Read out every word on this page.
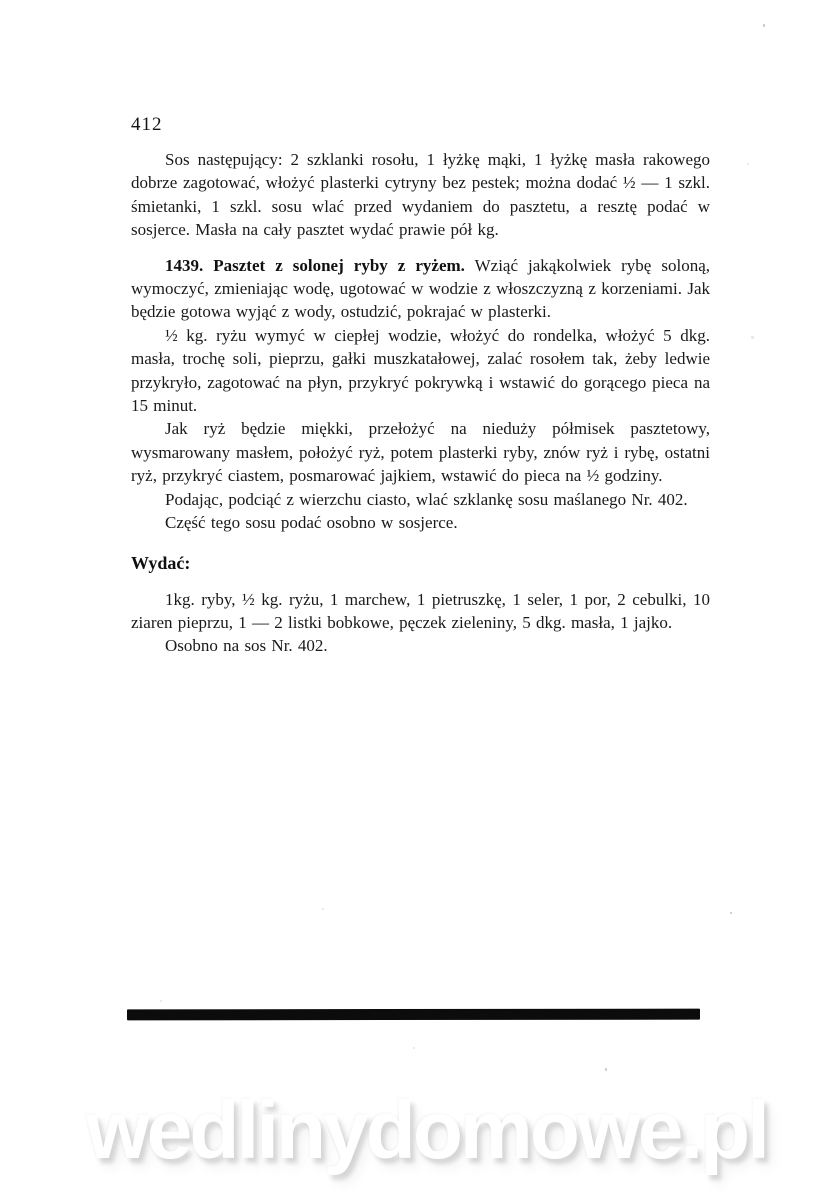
412

Sos następujący: 2 szklanki rosołu, 1 łyżkę mąki, 1 łyżkę masła rakowego dobrze zagotować, włożyć plasterki cytryny bez pestek; można dodać ½ — 1 szkl. śmietanki, 1 szkl. sosu wlać przed wydaniem do pasztetu, a resztę podać w sosjerce. Masła na cały pasztet wydać prawie pół kg.

1439. Pasztet z solonej ryby z ryżem. Wziąć jakąkolwiek rybę soloną, wymoczyć, zmieniając wodę, ugotować w wodzie z włoszczyzną z korzeniami. Jak będzie gotowa wyjąć z wody, ostudzić, pokrajać w plasterki.

½ kg. ryżu wymyć w ciepłej wodzie, włożyć do rondelka, włożyć 5 dkg. masła, trochę soli, pieprzu, gałki muszkatałowej, zalać rosołem tak, żeby ledwie przykryło, zagotować na płyn, przykryć pokrywką i wstawić do gorącego pieca na 15 minut.

Jak ryż będzie miękki, przełożyć na nieduży półmisek pasztetowy, wysmarowany masłem, położyć ryż, potem plasterki ryby, znów ryż i rybę, ostatni ryż, przykryć ciastem, posmarować jajkiem, wstawić do pieca na ½ godziny.

Podając, podciąć z wierzchu ciasto, wlać szklankę sosu maślanego Nr. 402.

Część tego sosu podać osobno w sosjerce.

Wydać:

1kg. ryby, ½ kg. ryżu, 1 marchew, 1 pietruszkę, 1 seler, 1 por, 2 cebulki, 10 ziaren pieprzu, 1 — 2 listki bobkowe, pęczek zieleniny, 5 dkg. masła, 1 jajko.

Osobno na sos Nr. 402.

wedlinydomowe.pl
